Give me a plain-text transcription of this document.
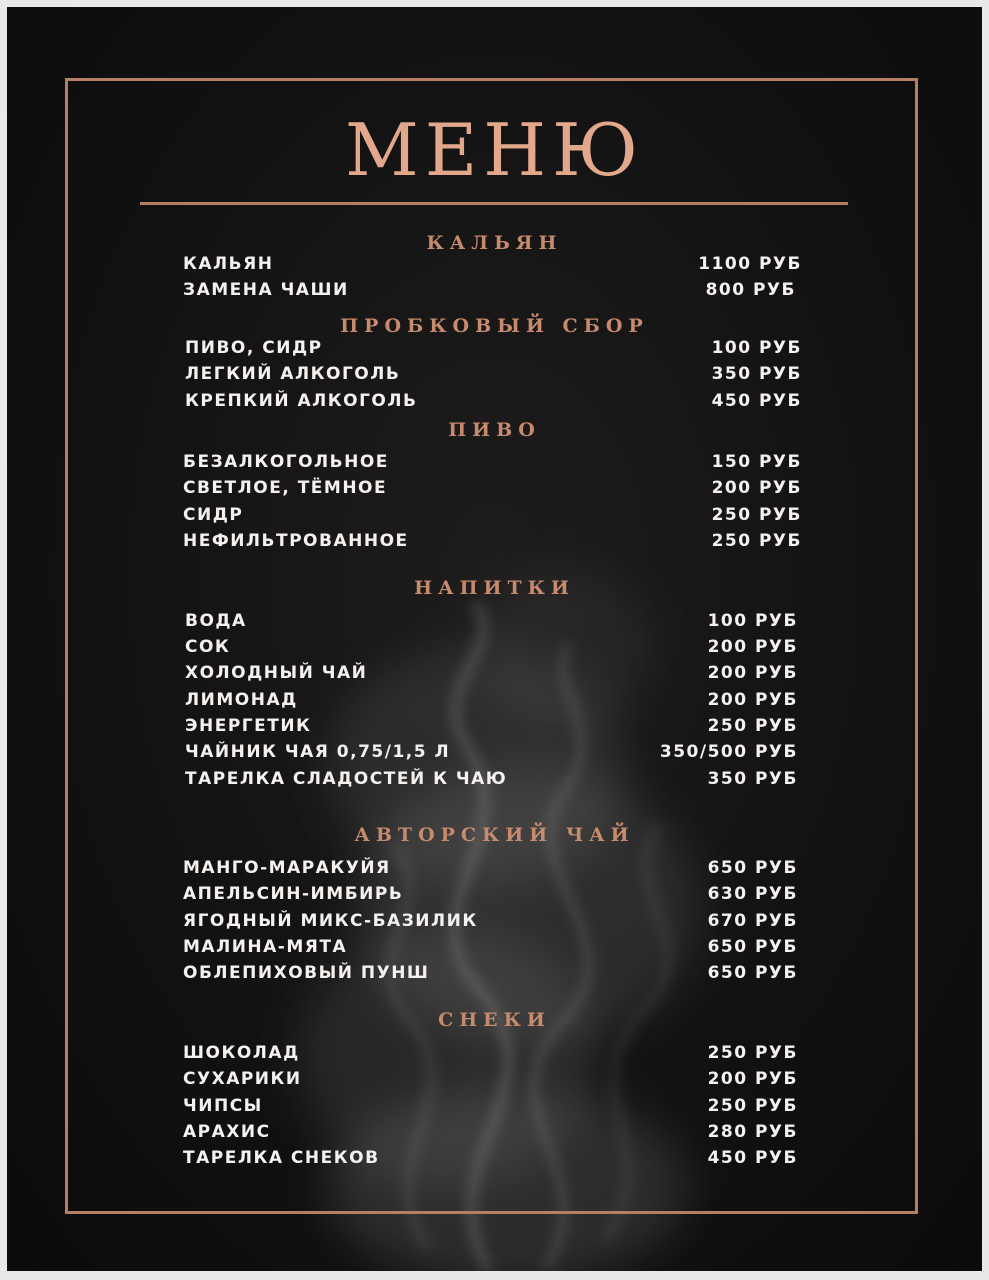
МЕНЮ
КАЛЬЯН
КАЛЬЯН	1100 РУБ
ЗАМЕНА ЧАШИ	800 РУБ
ПРОБКОВЫЙ СБОР
ПИВО, СИДР	100 РУБ
ЛЕГКИЙ АЛКОГОЛЬ	350 РУБ
КРЕПКИЙ АЛКОГОЛЬ	450 РУБ
ПИВО
БЕЗАЛКОГОЛЬНОЕ	150 РУБ
СВЕТЛОЕ, ТЁМНОЕ	200 РУБ
СИДР	250 РУБ
НЕФИЛЬТРОВАННОЕ	250 РУБ
НАПИТКИ
ВОДА	100 РУБ
СОК	200 РУБ
ХОЛОДНЫЙ ЧАЙ	200 РУБ
ЛИМОНАД	200 РУБ
ЭНЕРГЕТИК	250 РУБ
ЧАЙНИК ЧАЯ 0,75/1,5 Л	350/500 РУБ
ТАРЕЛКА СЛАДОСТЕЙ К ЧАЮ	350 РУБ
АВТОРСКИЙ ЧАЙ
МАНГО-МАРАКУЙЯ	650 РУБ
АПЕЛЬСИН-ИМБИРЬ	630 РУБ
ЯГОДНЫЙ МИКС-БАЗИЛИК	670 РУБ
МАЛИНА-МЯТА	650 РУБ
ОБЛЕПИХОВЫЙ ПУНШ	650 РУБ
СНЕКИ
ШОКОЛАД	250 РУБ
СУХАРИКИ	200 РУБ
ЧИПСЫ	250 РУБ
АРАХИС	280 РУБ
ТАРЕЛКА СНЕКОВ	450 РУБ
